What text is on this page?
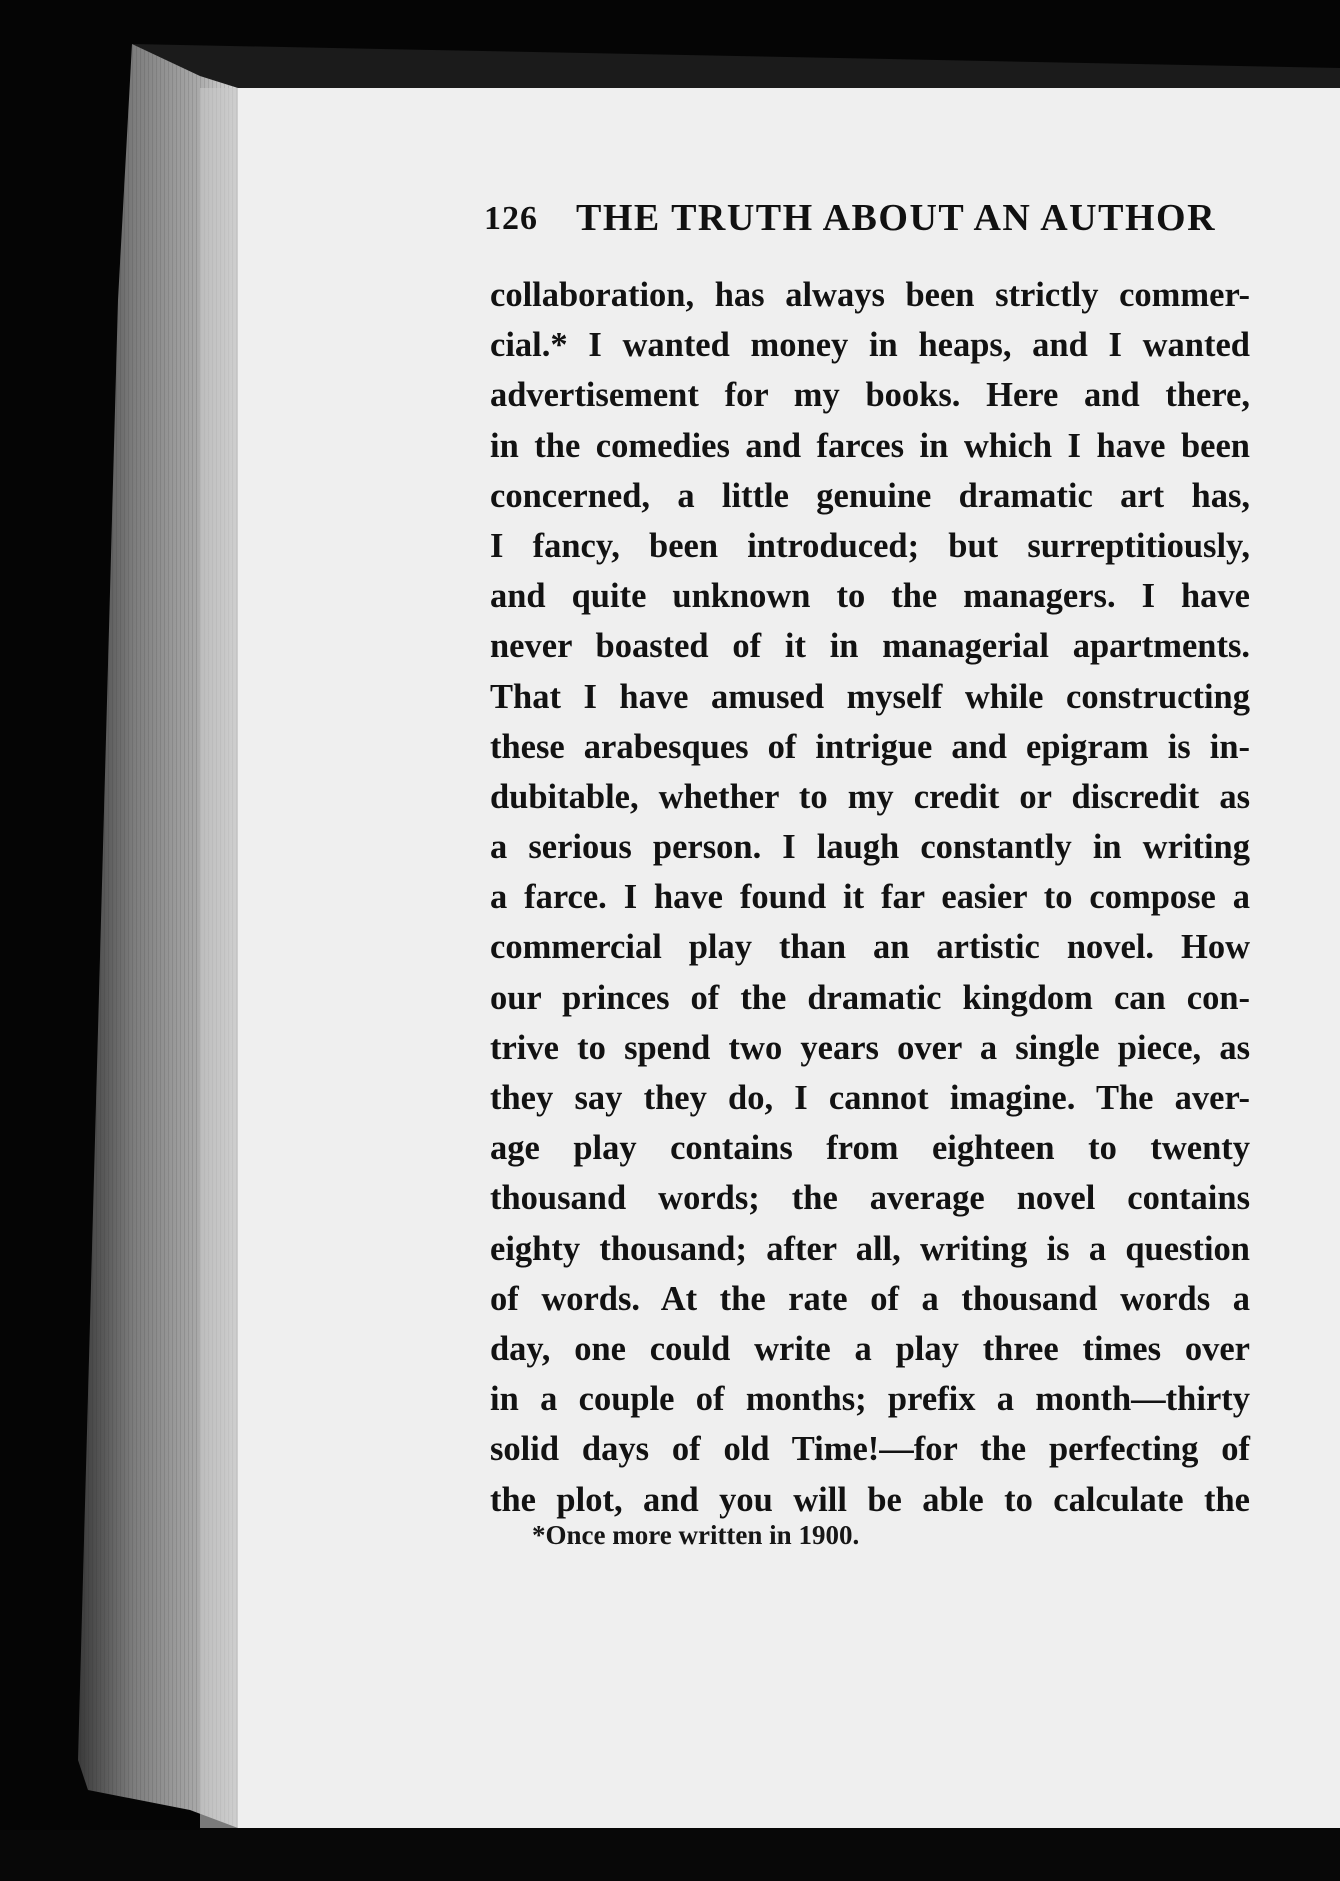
126 THE TRUTH ABOUT AN AUTHOR
collaboration, has always been strictly commer-
cial.* I wanted money in heaps, and I wanted
advertisement for my books. Here and there,
in the comedies and farces in which I have been
concerned, a little genuine dramatic art has,
I fancy, been introduced; but surreptitiously,
and quite unknown to the managers. I have
never boasted of it in managerial apartments.
That I have amused myself while constructing
these arabesques of intrigue and epigram is in-
dubitable, whether to my credit or discredit as
a serious person. I laugh constantly in writing
a farce. I have found it far easier to compose a
commercial play than an artistic novel. How
our princes of the dramatic kingdom can con-
trive to spend two years over a single piece, as
they say they do, I cannot imagine. The aver-
age play contains from eighteen to twenty
thousand words; the average novel contains
eighty thousand; after all, writing is a question
of words. At the rate of a thousand words a
day, one could write a play three times over
in a couple of months; prefix a month—thirty
solid days of old Time!—for the perfecting of
the plot, and you will be able to calculate the
*Once more written in 1900.
